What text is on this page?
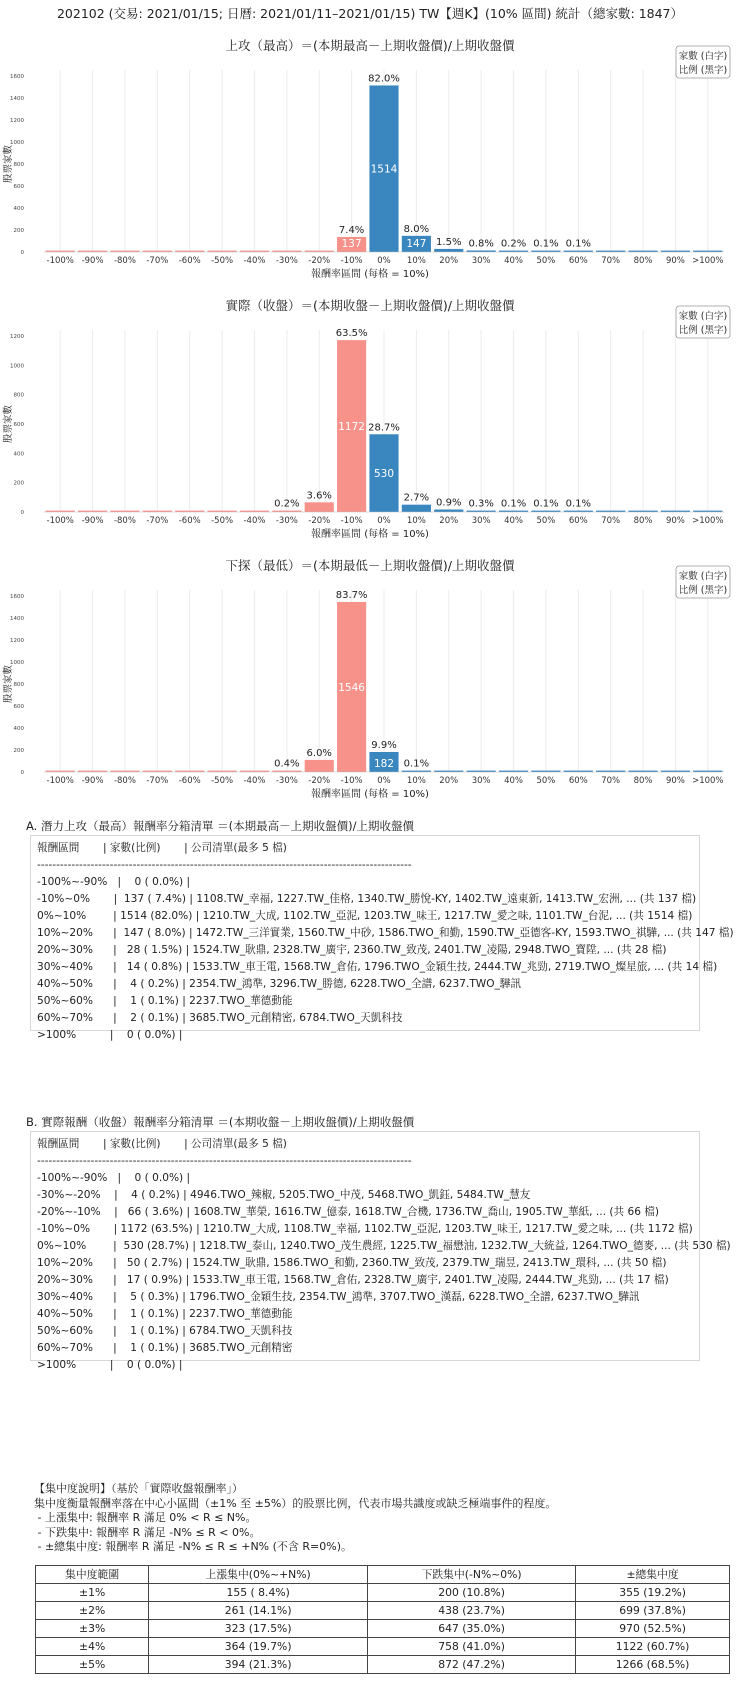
202102 (交易: 2021/01/15; 日曆: 2021/01/11–2021/01/15) TW【週K】(10% 區間) 統計（總家數: 1847）
上攻（最高）＝(本期最高－上期收盤價)/上期收盤價
0
200
400
600
800
1000
1200
1400
1600
股票家數
137
7.4%
1514
82.0%
147
8.0%
1.5% 0.8% 0.2% 0.1% 0.1%
-100% -90% -80% -70% -60% -50% -40% -30% -20% -10% 0% 10% 20% 30% 40% 50% 60% 70% 80% 90% >100%
報酬率區間 (每格 = 10%)
家數 (白字)
比例 (黑字)
實際（收盤）＝(本期收盤－上期收盤價)/上期收盤價
0
200
400
600
800
1000
1200
股票家數
0.2%
3.6%
1172
63.5%
530
28.7%
2.7% 0.9% 0.3% 0.1% 0.1% 0.1%
-100% -90% -80% -70% -60% -50% -40% -30% -20% -10% 0% 10% 20% 30% 40% 50% 60% 70% 80% 90% >100%
報酬率區間 (每格 = 10%)
家數 (白字)
比例 (黑字)
下探（最低）＝(本期最低－上期收盤價)/上期收盤價
0
200
400
600
800
1000
1200
1400
1600
股票家數
0.4%
6.0%
1546
83.7%
182
9.9%
0.1%
-100% -90% -80% -70% -60% -50% -40% -30% -20% -10% 0% 10% 20% 30% 40% 50% 60% 70% 80% 90% >100%
報酬率區間 (每格 = 10%)
家數 (白字)
比例 (黑字)
A. 潛力上攻（最高）報酬率分箱清單 ＝(本期最高－上期收盤價)/上期收盤價
報酬區間       | 家數(比例)       | 公司清單(最多 5 檔)
--------------------------------------------------------------------------------------------------
-100%~-90%   |    0 ( 0.0%) |
-10%~0%       |  137 ( 7.4%) | 1108.TW_幸福, 1227.TW_佳格, 1340.TW_勝悅-KY, 1402.TW_遠東新, 1413.TW_宏洲, ... (共 137 檔)
0%~10%        | 1514 (82.0%) | 1210.TW_大成, 1102.TW_亞泥, 1203.TW_味王, 1217.TW_愛之味, 1101.TW_台泥, ... (共 1514 檔)
10%~20%      |  147 ( 8.0%) | 1472.TW_三洋實業, 1560.TW_中砂, 1586.TWO_和勤, 1590.TW_亞德客-KY, 1593.TWO_祺驊, ... (共 147 檔)
20%~30%      |   28 ( 1.5%) | 1524.TW_耿鼎, 2328.TW_廣宇, 2360.TW_致茂, 2401.TW_凌陽, 2948.TWO_寶陞, ... (共 28 檔)
30%~40%      |   14 ( 0.8%) | 1533.TW_車王電, 1568.TW_倉佑, 1796.TWO_金穎生技, 2444.TW_兆勁, 2719.TWO_燦星旅, ... (共 14 檔)
40%~50%      |    4 ( 0.2%) | 2354.TW_鴻準, 3296.TW_勝德, 6228.TWO_全譜, 6237.TWO_驊訊
50%~60%      |    1 ( 0.1%) | 2237.TWO_華德動能
60%~70%      |    2 ( 0.1%) | 3685.TWO_元創精密, 6784.TWO_天凱科技
>100%          |    0 ( 0.0%) |
B. 實際報酬（收盤）報酬率分箱清單 ＝(本期收盤－上期收盤價)/上期收盤價
報酬區間       | 家數(比例)       | 公司清單(最多 5 檔)
--------------------------------------------------------------------------------------------------
-100%~-90%   |    0 ( 0.0%) |
-30%~-20%    |    4 ( 0.2%) | 4946.TWO_辣椒, 5205.TWO_中茂, 5468.TWO_凱鈺, 5484.TW_慧友
-20%~-10%    |   66 ( 3.6%) | 1608.TW_華榮, 1616.TW_億泰, 1618.TW_合機, 1736.TW_喬山, 1905.TW_華紙, ... (共 66 檔)
-10%~0%       | 1172 (63.5%) | 1210.TW_大成, 1108.TW_幸福, 1102.TW_亞泥, 1203.TW_味王, 1217.TW_愛之味, ... (共 1172 檔)
0%~10%        |  530 (28.7%) | 1218.TW_泰山, 1240.TWO_茂生農經, 1225.TW_福懋油, 1232.TW_大統益, 1264.TWO_德麥, ... (共 530 檔)
10%~20%      |   50 ( 2.7%) | 1524.TW_耿鼎, 1586.TWO_和勤, 2360.TW_致茂, 2379.TW_瑞昱, 2413.TW_環科, ... (共 50 檔)
20%~30%      |   17 ( 0.9%) | 1533.TW_車王電, 1568.TW_倉佑, 2328.TW_廣宇, 2401.TW_凌陽, 2444.TW_兆勁, ... (共 17 檔)
30%~40%      |    5 ( 0.3%) | 1796.TWO_金穎生技, 2354.TW_鴻準, 3707.TWO_漢磊, 6228.TWO_全譜, 6237.TWO_驊訊
40%~50%      |    1 ( 0.1%) | 2237.TWO_華德動能
50%~60%      |    1 ( 0.1%) | 6784.TWO_天凱科技
60%~70%      |    1 ( 0.1%) | 3685.TWO_元創精密
>100%          |    0 ( 0.0%) |
【集中度說明】（基於「實際收盤報酬率」）
集中度衡量報酬率落在中心小區間（±1% 至 ±5%）的股票比例，代表市場共識度或缺乏極端事件的程度。
- 上漲集中: 報酬率 R 滿足 0% < R ≤ N%。
- 下跌集中: 報酬率 R 滿足 -N% ≤ R < 0%。
- ±總集中度: 報酬率 R 滿足 -N% ≤ R ≤ +N% (不含 R=0%)。
集中度範圍	上漲集中(0%~+N%)	下跌集中(-N%~0%)	±總集中度
±1%	155 ( 8.4%)	200 (10.8%)	355 (19.2%)
±2%	261 (14.1%)	438 (23.7%)	699 (37.8%)
±3%	323 (17.5%)	647 (35.0%)	970 (52.5%)
±4%	364 (19.7%)	758 (41.0%)	1122 (60.7%)
±5%	394 (21.3%)	872 (47.2%)	1266 (68.5%)
